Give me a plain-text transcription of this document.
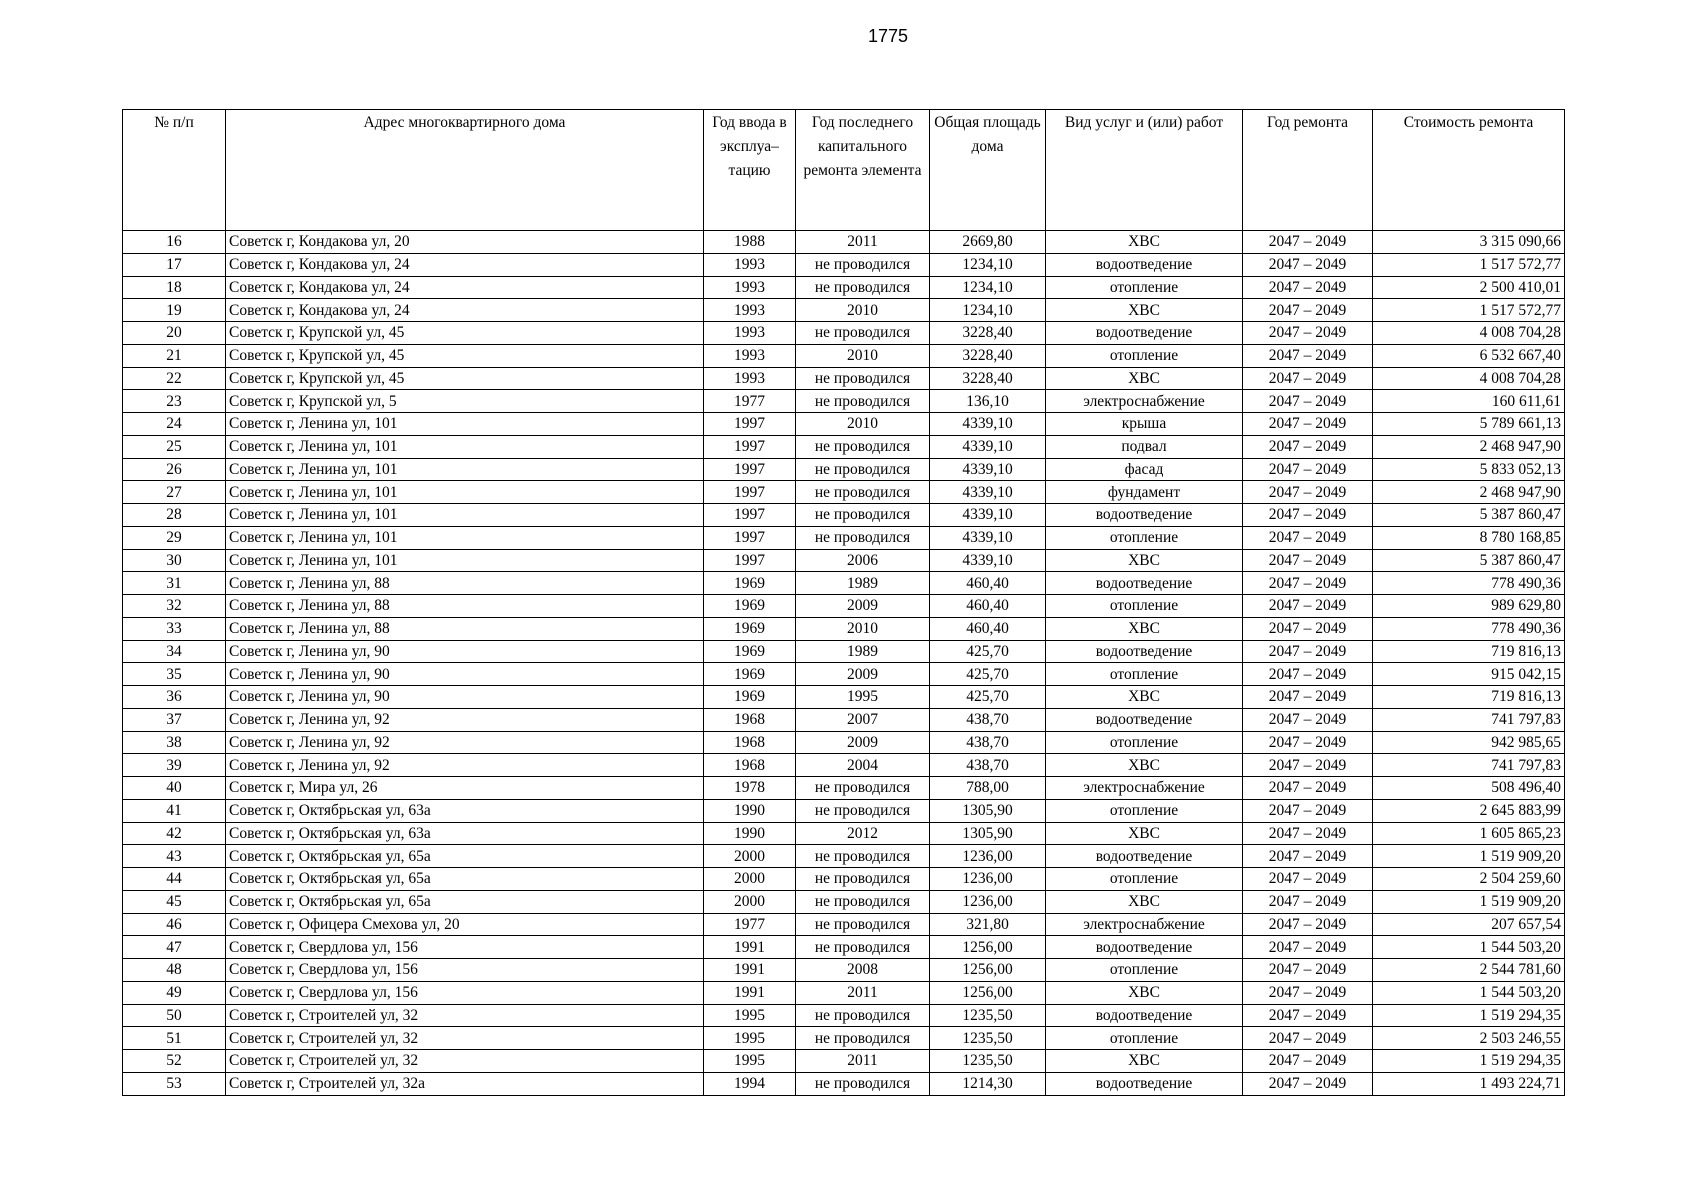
1775
№ п/п	Адрес многоквартирного дома	Год ввода в эксплуа–тацию	Год последнего капитального ремонта элемента	Общая площадь дома	Вид услуг и (или) работ	Год ремонта	Стоимость ремонта
16	Советск г, Кондакова ул, 20	1988	2011	2669,80	ХВС	2047 – 2049	3 315 090,66
17	Советск г, Кондакова ул, 24	1993	не проводился	1234,10	водоотведение	2047 – 2049	1 517 572,77
18	Советск г, Кондакова ул, 24	1993	не проводился	1234,10	отопление	2047 – 2049	2 500 410,01
19	Советск г, Кондакова ул, 24	1993	2010	1234,10	ХВС	2047 – 2049	1 517 572,77
20	Советск г, Крупской ул, 45	1993	не проводился	3228,40	водоотведение	2047 – 2049	4 008 704,28
21	Советск г, Крупской ул, 45	1993	2010	3228,40	отопление	2047 – 2049	6 532 667,40
22	Советск г, Крупской ул, 45	1993	не проводился	3228,40	ХВС	2047 – 2049	4 008 704,28
23	Советск г, Крупской ул, 5	1977	не проводился	136,10	электроснабжение	2047 – 2049	160 611,61
24	Советск г, Ленина ул, 101	1997	2010	4339,10	крыша	2047 – 2049	5 789 661,13
25	Советск г, Ленина ул, 101	1997	не проводился	4339,10	подвал	2047 – 2049	2 468 947,90
26	Советск г, Ленина ул, 101	1997	не проводился	4339,10	фасад	2047 – 2049	5 833 052,13
27	Советск г, Ленина ул, 101	1997	не проводился	4339,10	фундамент	2047 – 2049	2 468 947,90
28	Советск г, Ленина ул, 101	1997	не проводился	4339,10	водоотведение	2047 – 2049	5 387 860,47
29	Советск г, Ленина ул, 101	1997	не проводился	4339,10	отопление	2047 – 2049	8 780 168,85
30	Советск г, Ленина ул, 101	1997	2006	4339,10	ХВС	2047 – 2049	5 387 860,47
31	Советск г, Ленина ул, 88	1969	1989	460,40	водоотведение	2047 – 2049	778 490,36
32	Советск г, Ленина ул, 88	1969	2009	460,40	отопление	2047 – 2049	989 629,80
33	Советск г, Ленина ул, 88	1969	2010	460,40	ХВС	2047 – 2049	778 490,36
34	Советск г, Ленина ул, 90	1969	1989	425,70	водоотведение	2047 – 2049	719 816,13
35	Советск г, Ленина ул, 90	1969	2009	425,70	отопление	2047 – 2049	915 042,15
36	Советск г, Ленина ул, 90	1969	1995	425,70	ХВС	2047 – 2049	719 816,13
37	Советск г, Ленина ул, 92	1968	2007	438,70	водоотведение	2047 – 2049	741 797,83
38	Советск г, Ленина ул, 92	1968	2009	438,70	отопление	2047 – 2049	942 985,65
39	Советск г, Ленина ул, 92	1968	2004	438,70	ХВС	2047 – 2049	741 797,83
40	Советск г, Мира ул, 26	1978	не проводился	788,00	электроснабжение	2047 – 2049	508 496,40
41	Советск г, Октябрьская ул, 63а	1990	не проводился	1305,90	отопление	2047 – 2049	2 645 883,99
42	Советск г, Октябрьская ул, 63а	1990	2012	1305,90	ХВС	2047 – 2049	1 605 865,23
43	Советск г, Октябрьская ул, 65а	2000	не проводился	1236,00	водоотведение	2047 – 2049	1 519 909,20
44	Советск г, Октябрьская ул, 65а	2000	не проводился	1236,00	отопление	2047 – 2049	2 504 259,60
45	Советск г, Октябрьская ул, 65а	2000	не проводился	1236,00	ХВС	2047 – 2049	1 519 909,20
46	Советск г, Офицера Смехова ул, 20	1977	не проводился	321,80	электроснабжение	2047 – 2049	207 657,54
47	Советск г, Свердлова ул, 156	1991	не проводился	1256,00	водоотведение	2047 – 2049	1 544 503,20
48	Советск г, Свердлова ул, 156	1991	2008	1256,00	отопление	2047 – 2049	2 544 781,60
49	Советск г, Свердлова ул, 156	1991	2011	1256,00	ХВС	2047 – 2049	1 544 503,20
50	Советск г, Строителей ул, 32	1995	не проводился	1235,50	водоотведение	2047 – 2049	1 519 294,35
51	Советск г, Строителей ул, 32	1995	не проводился	1235,50	отопление	2047 – 2049	2 503 246,55
52	Советск г, Строителей ул, 32	1995	2011	1235,50	ХВС	2047 – 2049	1 519 294,35
53	Советск г, Строителей ул, 32а	1994	не проводился	1214,30	водоотведение	2047 – 2049	1 493 224,71
